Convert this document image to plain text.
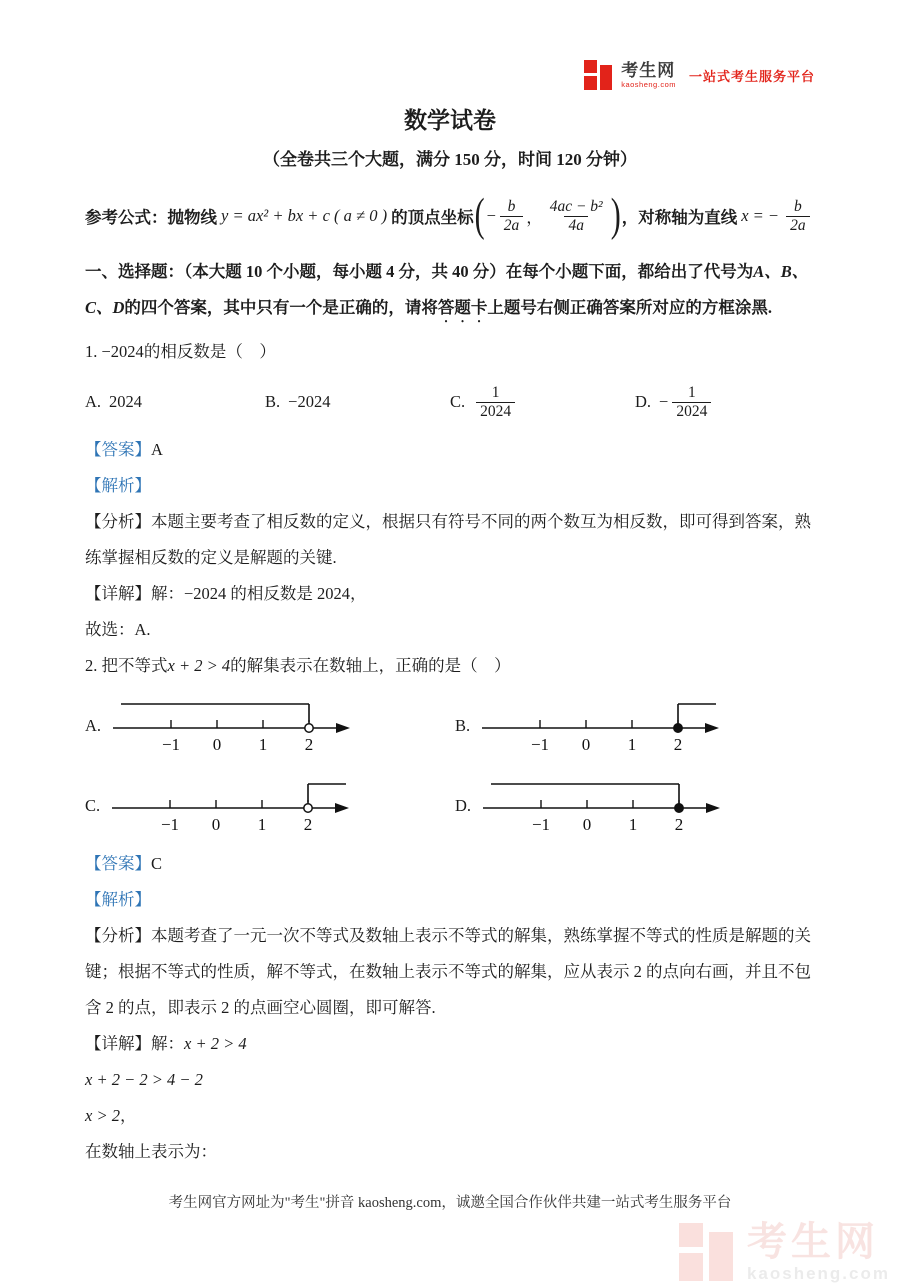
考生网
kaosheng.com
一站式考生服务平台
数学试卷
（全卷共三个大题，满分 150 分，时间 120 分钟）
参考公式：抛物线 y = ax² + bx + c ( a ≠ 0 ) 的顶点坐标 ( − $\frac{b}{2a}$ ， $\frac{\text{4ac − b²}}{4a}$ ) ，对称轴为直线 x = − $\frac{b}{2a}$

一、选择题：（本大题 10 个小题，每小题 4 分，共 40 分）在每个小题下面，都给出了代号为A、B、C、D的四个答案，其中只有一个是正确的，请将答题卡上题号右侧正确答案所对应的方框涂黑.

1. −2024的相反数是（　）

A. 2024	B. −2024	C. $\frac{1}{2024}$	D. − $\frac{1}{2024}$

【答案】A

【解析】

【分析】本题主要考查了相反数的定义，根据只有符号不同的两个数互为相反数，即可得到答案，熟练掌握相反数的定义是解题的关键.

【详解】解：−2024 的相反数是 2024，

故选：A.

2. 把不等式x + 2 > 4的解集表示在数轴上，正确的是（　）

A.
−1 0 1 2
B.
−1 0 1 2
C.
−1 0 1 2
D.
−1 0 1 2

【答案】C

【解析】

【分析】本题考查了一元一次不等式及数轴上表示不等式的解集，熟练掌握不等式的性质是解题的关键；根据不等式的性质，解不等式，在数轴上表示不等式的解集，应从表示 2 的点向右画，并且不包含 2 的点，即表示 2 的点画空心圆圈，即可解答.

【详解】解：x + 2 > 4

x + 2 − 2 > 4 − 2

x > 2，

在数轴上表示为：

考生网官方网址为"考生"拼音 kaosheng.com，诚邀全国合作伙伴共建一站式考生服务平台
考生网
kaosheng.com
